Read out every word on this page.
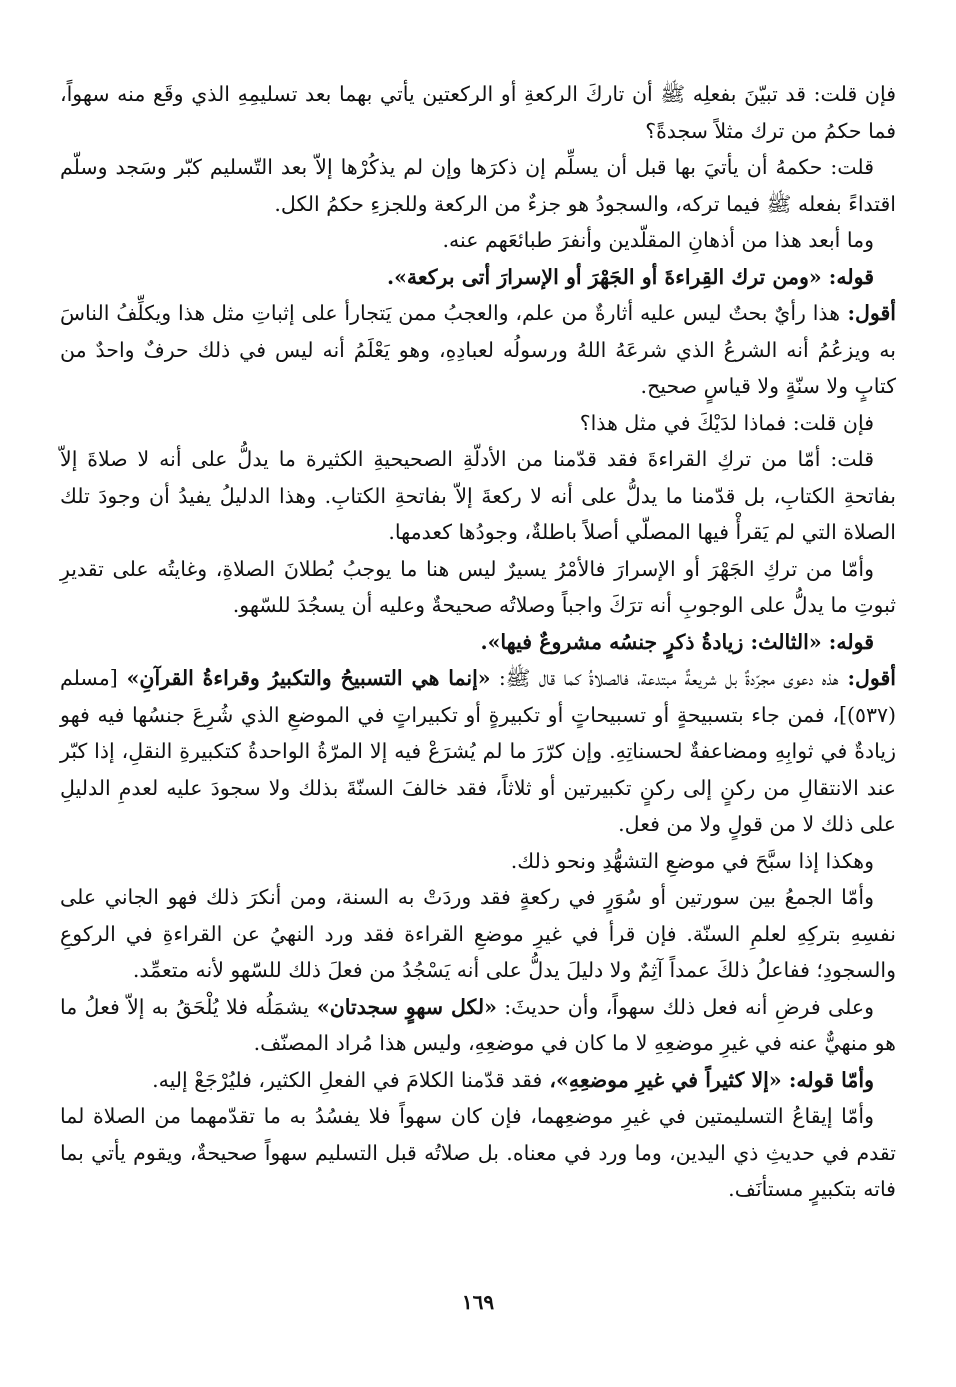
فإن قلت: قد تبيّنَ بفعلِه ﷺ أن تاركَ الركعةِ أو الركعتين يأتي بهما بعد تسليمِهِ الذي وقَع منه سهواً، فما حكمُ من ترك مثلاً سجدةً؟

قلت: حكمهُ أن يأتيَ بها قبل أن يسلِّم إن ذكرَها وإن لم يذكُرْها إلاّ بعد التّسليم كبّر وسَجد وسلّم اقتداءً بفعله ﷺ فيما تركه، والسجودُ هو جزءٌ من الركعة وللجزءِ حكمُ الكل.

وما أبعد هذا من أذهانِ المقلّدين وأنفرَ طبائعَهم عنه.

قوله: «ومن ترك القِراءةَ أو الجَهْرَ أو الإسرارَ أتى بركعة».

أقول: هذا رأيٌ بحتٌ ليس عليه أثارةٌ من علم، والعجبُ ممن يَتجارأ على إثباتِ مثل هذا ويكلِّفُ الناسَ به ويزعُمُ أنه الشرعُ الذي شرعَهُ اللهُ ورسولُه لعبادِهِ، وهو يَعْلَمُ أنه ليس في ذلك حرفٌ واحدٌ من كتابٍ ولا سنّةٍ ولا قياسٍ صحيح.

فإن قلت: فماذا لدَيْكَ في مثل هذا؟

قلت: أمّا من تركِ القراءةَ فقد قدّمنا من الأدلّةِ الصحيحيةِ الكثيرة ما يدلُّ على أنه لا صلاةَ إلاّ بفاتحةِ الكتابِ، بل قدّمنا ما يدلُّ على أنه لا ركعةَ إلاّ بفاتحةِ الكتابِ. وهذا الدليلُ يفيدُ أن وجودَ تلك الصلاة التي لم يَقرأْ فيها المصلّي أصلاً باطلةٌ، وجودُها كعدمها.

وأمّا من تركِ الجَهْرَ أو الإسرارَ فالأمْرُ يسيرٌ ليس هنا ما يوجبُ بُطلانَ الصلاةِ، وغايتُه على تقديرِ ثبوتِ ما يدلُّ على الوجوبِ أنه ترَكَ واجباً وصلاتُه صحيحةٌ وعليه أن يسجُدَ للسّهو.

قوله: «الثالث: زيادةُ ذكرٍ جنسُه مشروعٌ فيها».

أقول: هذه دعوى مجرّدةٌ بل شريعةٌ مبتدعة، فالصلاةُ كما قال ﷺ: «إنما هي التسبيحُ والتكبيرُ وقراءةُ القرآنِ» [مسلم (٥٣٧)]، فمن جاء بتسبيحةٍ أو تسبيحاتٍ أو تكبيرةٍ أو تكبيراتٍ في الموضعِ الذي شُرِعَ جنسُها فيه فهو زيادةٌ في ثوابِهِ ومضاعفةٌ لحسناتِهِ. وإن كرّرَ ما لم يُشرَعْ فيه إلا المرّةُ الواحدةُ كتكبيرةِ النقلِ، إذا كبّر عند الانتقالِ من ركنٍ إلى ركنٍ تكبيرتين أو ثلاثاً، فقد خالفَ السنّةَ بذلك ولا سجودَ عليه لعدمِ الدليلِ على ذلك لا من قولٍ ولا من فعل.

وهكذا إذا سبَّحَ في موضعِ التشهُّدِ ونحو ذلك.

وأمّا الجمعُ بين سورتين أو سُوَرٍ في ركعةٍ فقد وردَتْ به السنة، ومن أنكرَ ذلك فهو الجاني على نفسِهِ بتركِهِ لعلمِ السنّة. فإن قرأ في غيرِ موضعِ القراءة فقد ورد النهيُ عن القراءةِ في الركوعِ والسجودِ؛ ففاعلُ ذلكَ عمداً آثِمٌ ولا دليلَ يدلُّ على أنه يَسْجُدُ من فعلَ ذلك للسّهو لأنه متعمِّد.

وعلى فرضِ أنه فعل ذلك سهواً، وأن حديثَ: «لكل سهوٍ سجدتان» يشمَلُه فلا يُلْحَقُ به إلاّ فعلُ ما هو منهيٌّ عنه في غيرِ موضعِهِ لا ما كان في موضعِهِ، وليس هذا مُراد المصنّف.

وأمّا قوله: «إلا كثيراً في غيرِ موضعِهِ»، فقد قدّمنا الكلامَ في الفعلِ الكثير، فليُرْجَعْ إليه.

وأمّا إيقاعُ التسليمتين في غيرِ موضعِهما، فإن كان سهواً فلا يفسُدُ به ما تقدّمهما من الصلاة لما تقدم في حديثِ ذي اليدين، وما ورد في معناه. بل صلاتُه قبل التسليم سهواً صحيحةٌ، ويقوم يأتي بما فاته بتكبيرٍ مستأنَف.

١٦٩
